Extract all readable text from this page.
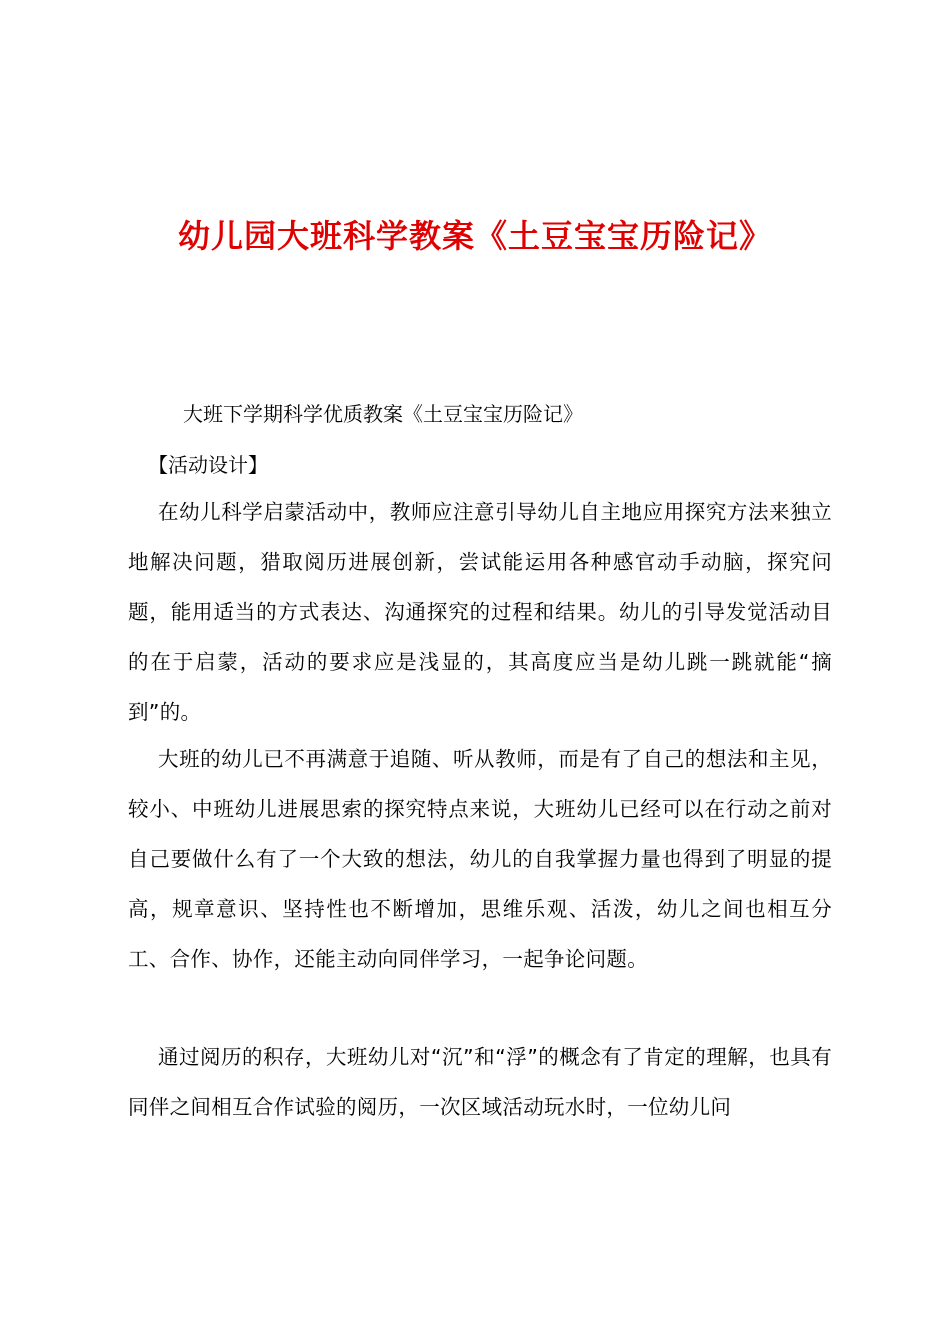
幼儿园大班科学教案《土豆宝宝历险记》
大班下学期科学优质教案《土豆宝宝历险记》
【活动设计】

在幼儿科学启蒙活动中，教师应注意引导幼儿自主地应用探究方法来独立地解决问题，猎取阅历进展创新，尝试能运用各种感官动手动脑，探究问题，能用适当的方式表达、沟通探究的过程和结果。幼儿的引导发觉活动目的在于启蒙，活动的要求应是浅显的，其高度应当是幼儿跳一跳就能“摘到”的。

大班的幼儿已不再满意于追随、听从教师，而是有了自己的想法和主见，较小、中班幼儿进展思索的探究特点来说，大班幼儿已经可以在行动之前对自己要做什么有了一个大致的想法，幼儿的自我掌握力量也得到了明显的提高，规章意识、坚持性也不断增加，思维乐观、活泼，幼儿之间也相互分工、合作、协作，还能主动向同伴学习，一起争论问题。

通过阅历的积存，大班幼儿对“沉”和“浮”的概念有了肯定的理解，也具有同伴之间相互合作试验的阅历，一次区域活动玩水时，一位幼儿问
